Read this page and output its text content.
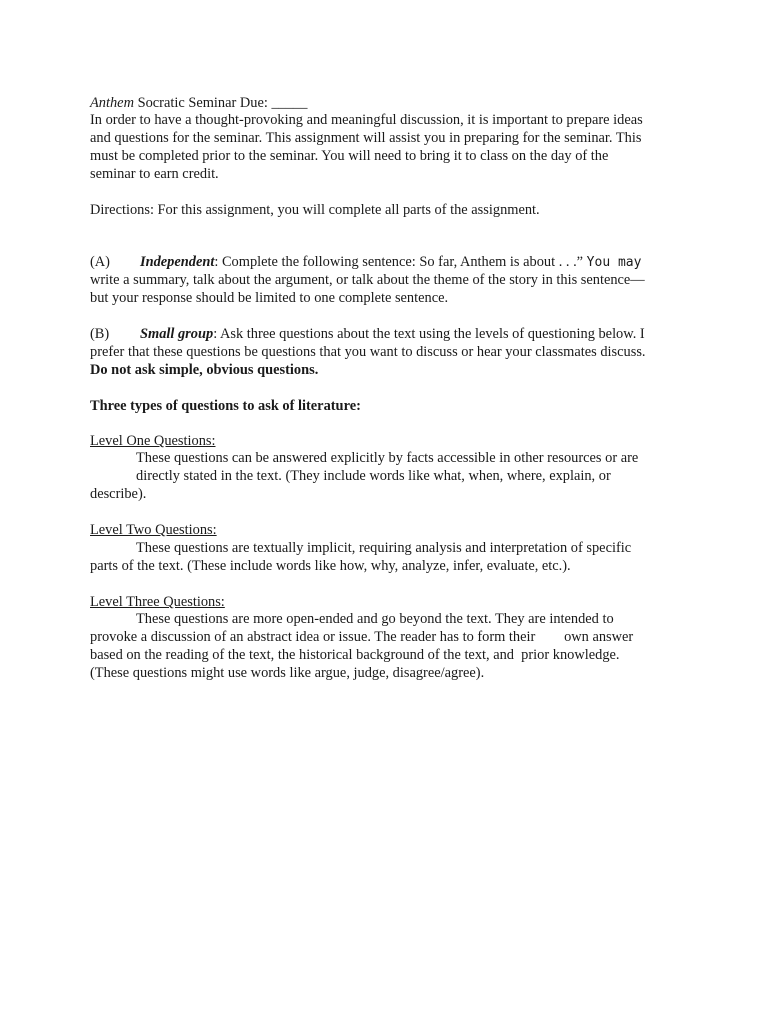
Anthem Socratic Seminar Due: _____
In order to have a thought-provoking and meaningful discussion, it is important to prepare ideas
and questions for the seminar. This assignment will assist you in preparing for the seminar. This
must be completed prior to the seminar. You will need to bring it to class on the day of the
seminar to earn credit.
Directions: For this assignment, you will complete all parts of the assignment.
(A) Independent: Complete the following sentence: So far, Anthem is about . . .” You may
write a summary, talk about the argument, or talk about the theme of the story in this sentence—
but your response should be limited to one complete sentence.
(B) Small group: Ask three questions about the text using the levels of questioning below. I
prefer that these questions be questions that you want to discuss or hear your classmates discuss.
Do not ask simple, obvious questions.
Three types of questions to ask of literature:
Level One Questions:
These questions can be answered explicitly by facts accessible in other resources or are
directly stated in the text. (They include words like what, when, where, explain, or
describe).
Level Two Questions:
These questions are textually implicit, requiring analysis and interpretation of specific
parts of the text. (These include words like how, why, analyze, infer, evaluate, etc.).
Level Three Questions:
These questions are more open-ended and go beyond the text. They are intended to
provoke a discussion of an abstract idea or issue. The reader has to form their        own answer
based on the reading of the text, the historical background of the text, and  prior knowledge.
(These questions might use words like argue, judge, disagree/agree).
